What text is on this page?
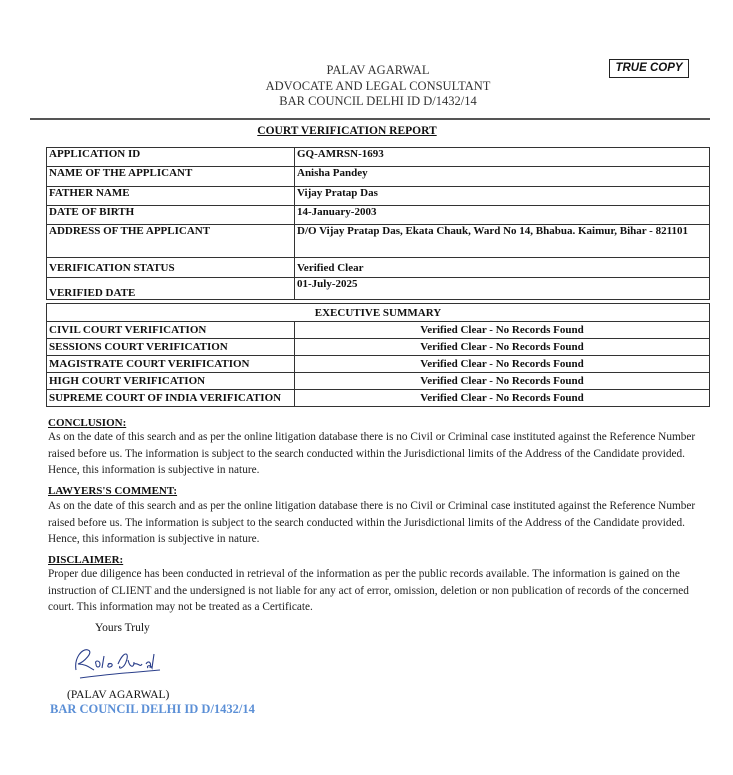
PALAV AGARWAL
ADVOCATE AND LEGAL CONSULTANT
BAR COUNCIL DELHI ID D/1432/14
TRUE COPY
COURT VERIFICATION REPORT
APPLICATION ID	GQ-AMRSN-1693
NAME OF THE APPLICANT	Anisha Pandey
FATHER NAME	Vijay Pratap Das
DATE OF BIRTH	14-January-2003
ADDRESS OF THE APPLICANT	D/O Vijay Pratap Das, Ekata Chauk, Ward No 14, Bhabua. Kaimur, Bihar - 821101
VERIFICATION STATUS	Verified Clear
VERIFIED DATE	01-July-2025
EXECUTIVE SUMMARY	
CIVIL COURT VERIFICATION	Verified Clear - No Records Found
SESSIONS COURT VERIFICATION	Verified Clear - No Records Found
MAGISTRATE COURT VERIFICATION	Verified Clear - No Records Found
HIGH COURT VERIFICATION	Verified Clear - No Records Found
SUPREME COURT OF INDIA VERIFICATION	Verified Clear - No Records Found
CONCLUSION:
As on the date of this search and as per the online litigation database there is no Civil or Criminal case instituted against the Reference Number raised before us. The information is subject to the search conducted within the Jurisdictional limits of the Address of the Candidate provided. Hence, this information is subjective in nature.
LAWYERS'S COMMENT:
As on the date of this search and as per the online litigation database there is no Civil or Criminal case instituted against the Reference Number raised before us. The information is subject to the search conducted within the Jurisdictional limits of the Address of the Candidate provided. Hence, this information is subjective in nature.
DISCLAIMER:
Proper due diligence has been conducted in retrieval of the information as per the public records available. The information is gained on the instruction of CLIENT and the undersigned is not liable for any act of error, omission, deletion or non publication of records of the concerned court. This information may not be treated as a Certificate.
Yours Truly
(PALAV AGARWAL)
BAR COUNCIL DELHI ID D/1432/14
